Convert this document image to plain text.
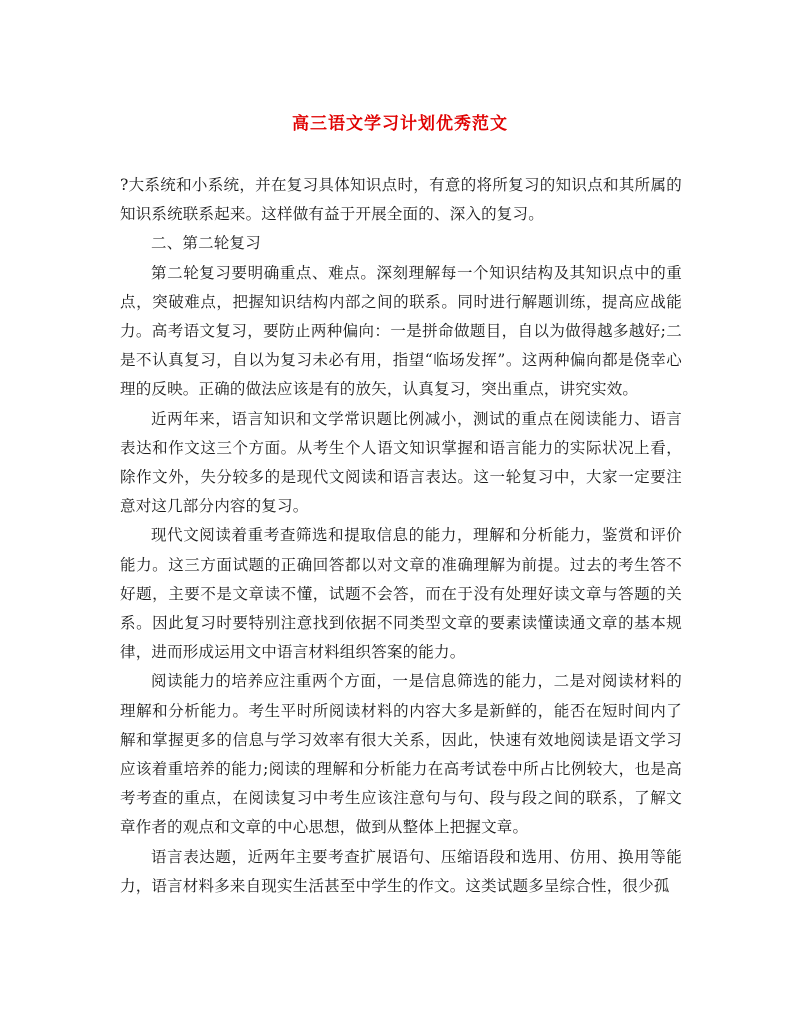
高三语文学习计划优秀范文

?大系统和小系统，并在复习具体知识点时，有意的将所复习的知识点和其所属的知识系统联系起来。这样做有益于开展全面的、深入的复习。

二、第二轮复习

第二轮复习要明确重点、难点。深刻理解每一个知识结构及其知识点中的重点，突破难点，把握知识结构内部之间的联系。同时进行解题训练，提高应战能力。高考语文复习，要防止两种偏向：一是拼命做题目，自以为做得越多越好;二是不认真复习，自以为复习未必有用，指望“临场发挥”。这两种偏向都是侥幸心理的反映。正确的做法应该是有的放矢，认真复习，突出重点，讲究实效。

近两年来，语言知识和文学常识题比例减小，测试的重点在阅读能力、语言表达和作文这三个方面。从考生个人语文知识掌握和语言能力的实际状况上看，除作文外，失分较多的是现代文阅读和语言表达。这一轮复习中，大家一定要注意对这几部分内容的复习。

现代文阅读着重考查筛选和提取信息的能力，理解和分析能力，鉴赏和评价能力。这三方面试题的正确回答都以对文章的准确理解为前提。过去的考生答不好题，主要不是文章读不懂，试题不会答，而在于没有处理好读文章与答题的关系。因此复习时要特别注意找到依据不同类型文章的要素读懂读通文章的基本规律，进而形成运用文中语言材料组织答案的能力。

阅读能力的培养应注重两个方面，一是信息筛选的能力，二是对阅读材料的理解和分析能力。考生平时所阅读材料的内容大多是新鲜的，能否在短时间内了解和掌握更多的信息与学习效率有很大关系，因此，快速有效地阅读是语文学习应该着重培养的能力;阅读的理解和分析能力在高考试卷中所占比例较大，也是高考考查的重点，在阅读复习中考生应该注意句与句、段与段之间的联系，了解文章作者的观点和文章的中心思想，做到从整体上把握文章。

语言表达题，近两年主要考查扩展语句、压缩语段和选用、仿用、换用等能力，语言材料多来自现实生活甚至中学生的作文。这类试题多呈综合性，很少孤
